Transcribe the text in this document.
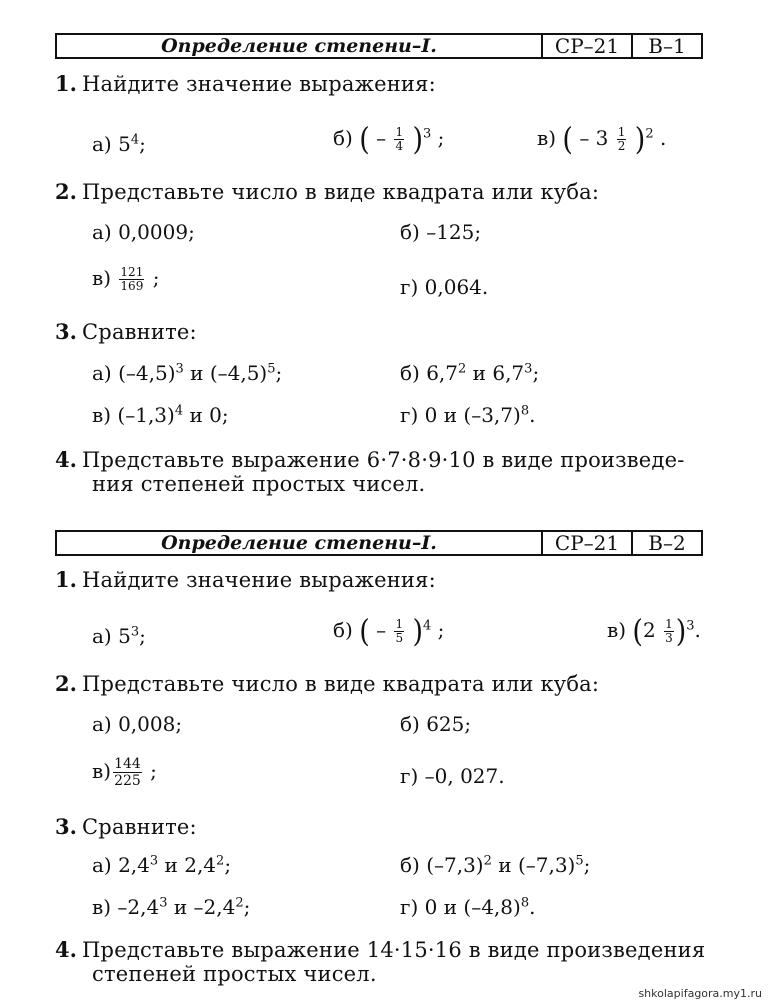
Определение степени–I.	СР–21	В–1
1. Найдите значение выражения:
а) $5^4$;	б) ( – $\frac{1}{4} )^3$ ;	в) ( – $3 \frac{1}{2} )^2$ .
2. Представьте число в виде квадрата или куба:
а) 0,0009;	б) –125;
$в) \frac{121}{169}$ ;	г) 0,064.
3. Сравните:
а) $(-4,5)^3$ и $(-4,5)^5$;	б) $6,7^2$ и $6,7^3$;
в) $(-1,3)^4$ и 0;	г) 0 и $(-3,7)^8$.
4. Представьте выражение 6·7·8·9·10 в виде произведе-
ния степеней простых чисел.
Определение степени–I.	СР–21	В–2
1. Найдите значение выражения:
а) $5^3$;	б) ( – $\frac{1}{5} )^4$ ;	в) $(2 \frac{1}{3} )^3$.
2. Представьте число в виде квадрата или куба:
а) 0,008;	б) 625;
$в) \frac{144}{225}$ ;	г) –0, 027.
3. Сравните:
а) $2,4^3$ и $2,4^2$;	б) $(-7,3)^2$ и $(-7,3)^5$;
в) $-2,4^3$ и $-2,4^2$;	г) 0 и $(-4,8)^8$.
4. Представьте выражение 14·15·16 в виде произведения
степеней простых чисел.
shkolapifagora.my1.ru
